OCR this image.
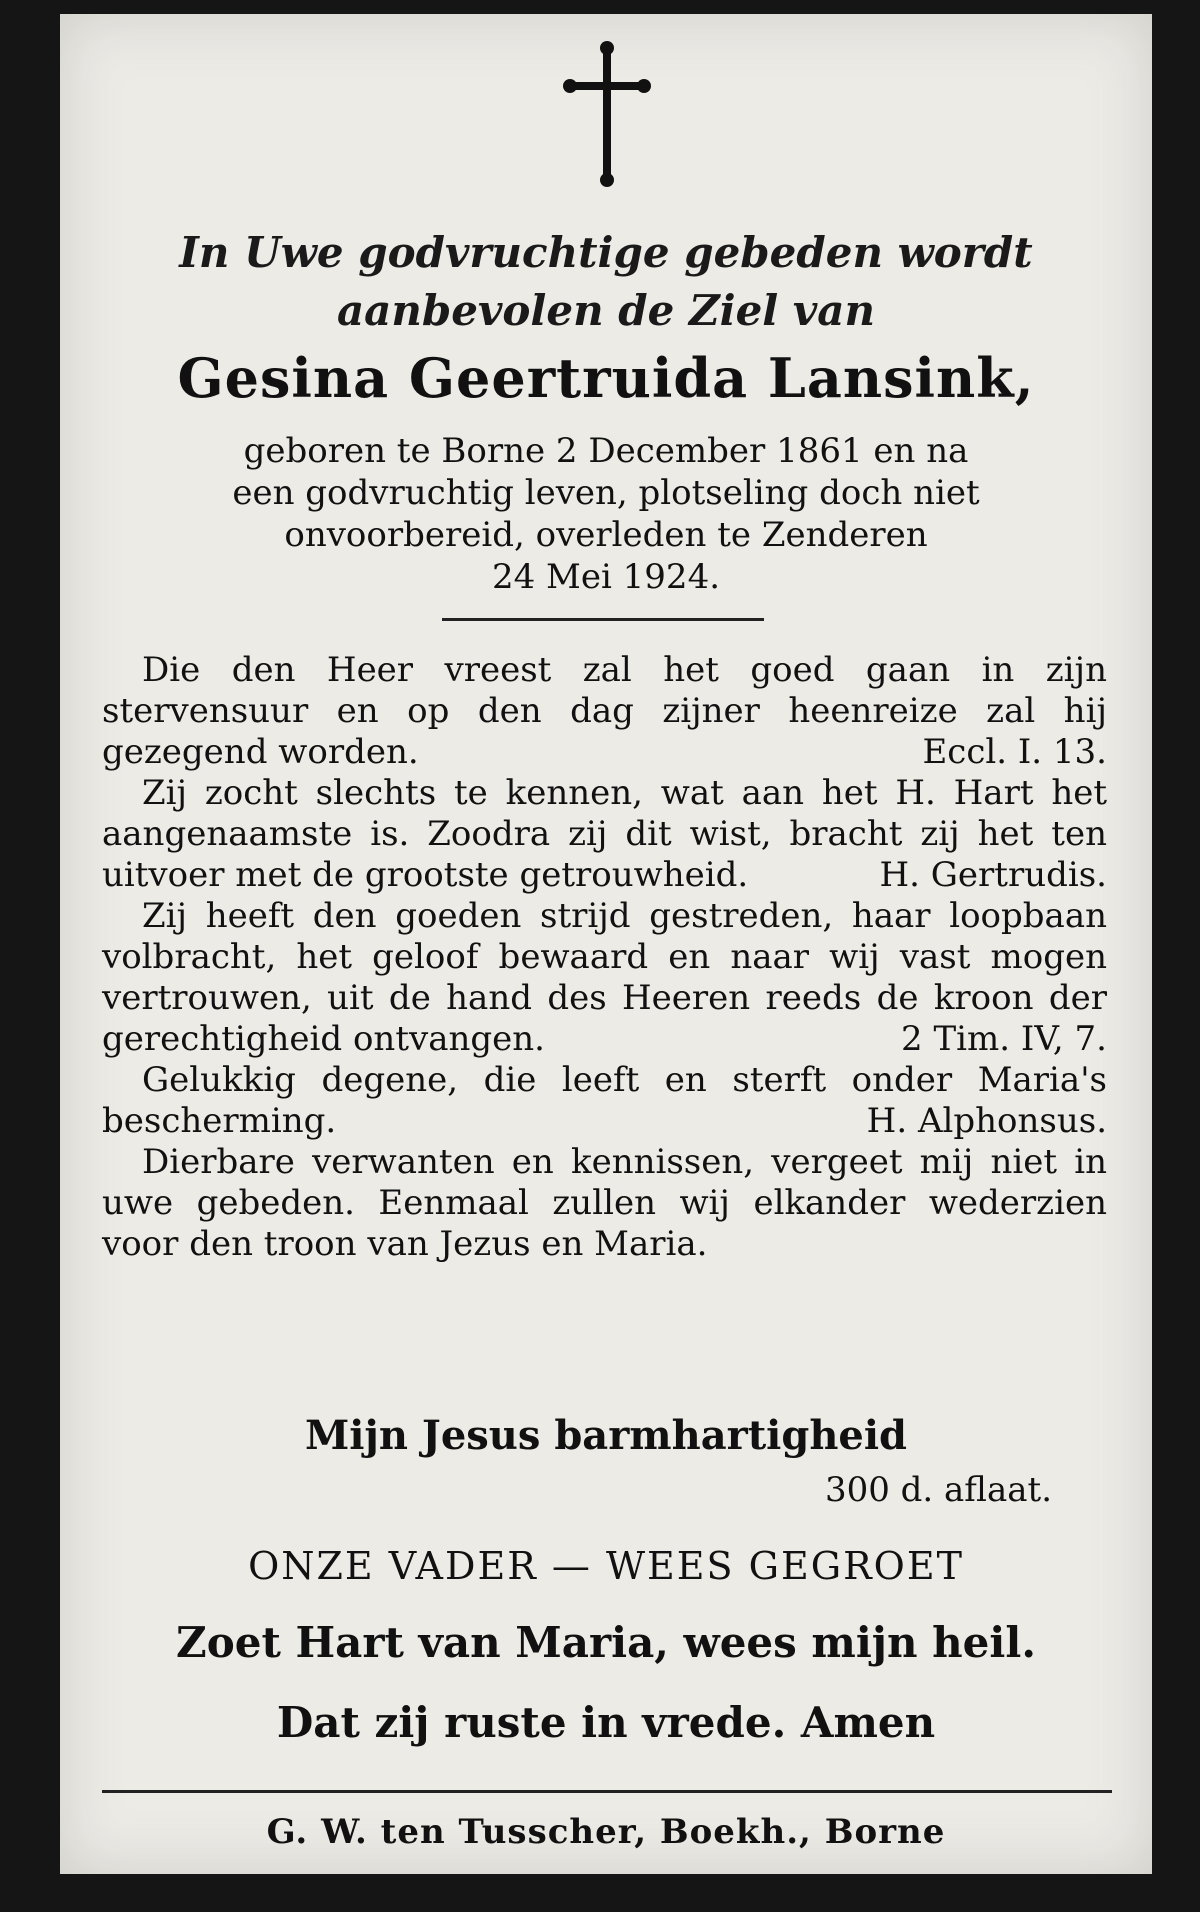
In Uwe godvruchtige gebeden wordt
aanbevolen de Ziel van
Gesina Geertruida Lansink,
geboren te Borne 2 December 1861 en na
een godvruchtig leven, plotseling doch niet
onvoorbereid, overleden te Zenderen
24 Mei 1924.

Die den Heer vreest zal het goed gaan in zijn stervensuur en op den dag zijner heenreize zal hij gezegend worden.	Eccl. I. 13.

Zij zocht slechts te kennen, wat aan het H. Hart het aangenaamste is. Zoodra zij dit wist, bracht zij het ten uitvoer met de grootste getrouwheid.	H. Gertrudis.

Zij heeft den goeden strijd gestreden, haar loopbaan volbracht, het geloof bewaard en naar wij vast mogen vertrouwen, uit de hand des Heeren reeds de kroon der gerechtigheid ontvangen.	2 Tim. IV, 7.

Gelukkig degene, die leeft en sterft onder Maria's bescherming.	H. Alphonsus.

Dierbare verwanten en kennissen, vergeet mij niet in uwe gebeden. Eenmaal zullen wij elkander wederzien voor den troon van Jezus en Maria.

Mijn Jesus barmhartigheid
300 d. aflaat.
ONZE VADER — WEES GEGROET
Zoet Hart van Maria, wees mijn heil.
Dat zij ruste in vrede. Amen
G. W. ten Tusscher, Boekh., Borne
